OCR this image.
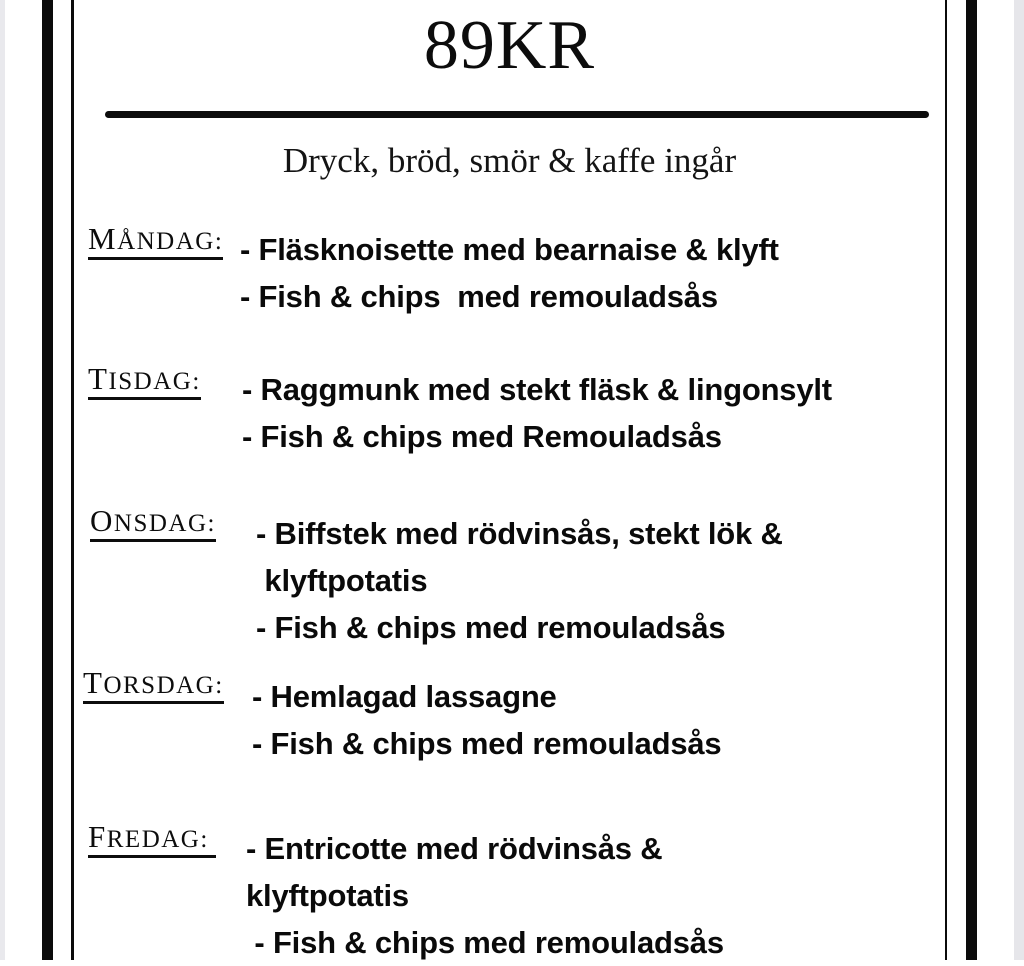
89KR
Dryck, bröd, smör & kaffe ingår
MÅNDAG: - Fläsknoisette med bearnaise & klyft
- Fish & chips  med remouladsås
TISDAG: - Raggmunk med stekt fläsk & lingonsylt
- Fish & chips med Remouladsås
ONSDAG: - Biffstek med rödvinsås, stekt lök &
klyftpotatis
- Fish & chips med remouladsås
TORSDAG: - Hemlagad lassagne
- Fish & chips med remouladsås
FREDAG: - Entricotte med rödvinsås &
klyftpotatis
- Fish & chips med remouladsås
